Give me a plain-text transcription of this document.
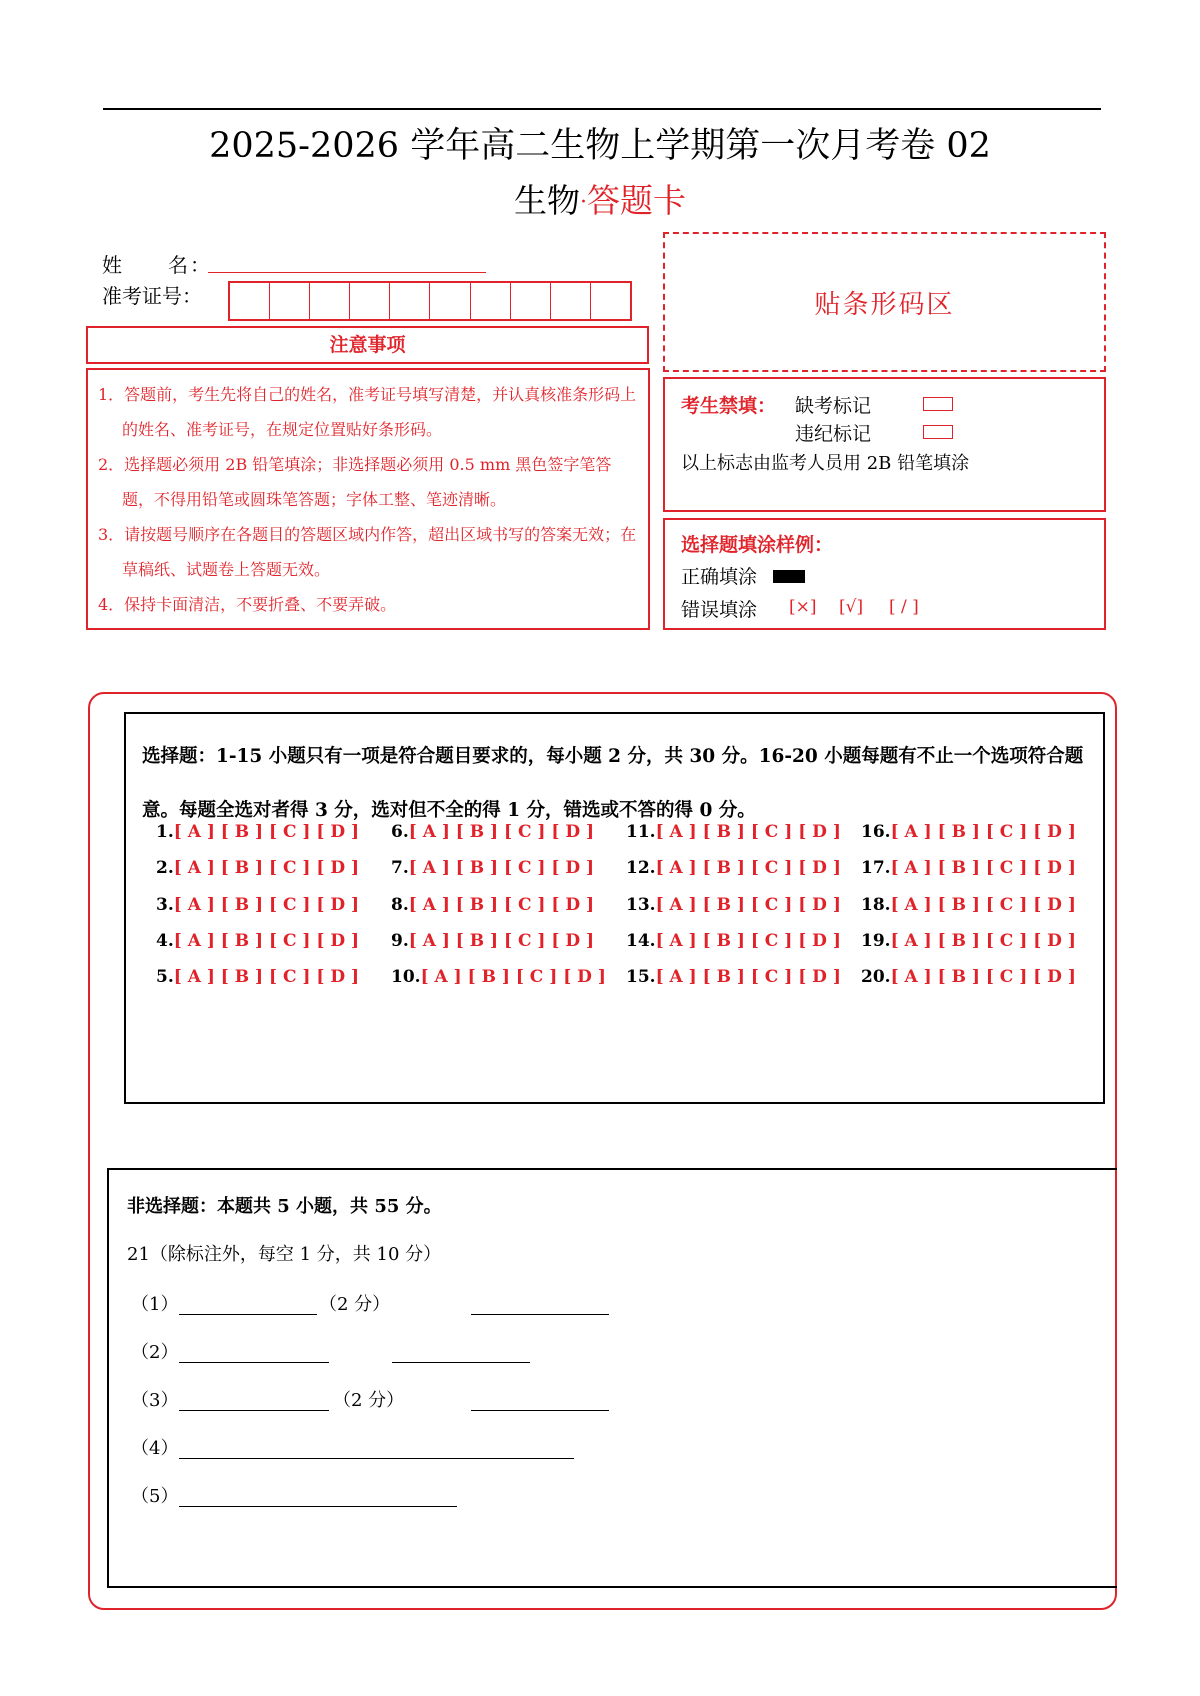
2025-2026 学年高二生物上学期第一次月考卷 02
生物·答题卡
姓　　名：
准考证号：
注意事项
1．答题前，考生先将自己的姓名，准考证号填写清楚，并认真核准条形码上的姓名、准考证号，在规定位置贴好条形码。
2．选择题必须用 2B 铅笔填涂；非选择题必须用 0.5 mm 黑色签字笔答题，不得用铅笔或圆珠笔答题；字体工整、笔迹清晰。
3．请按题号顺序在各题目的答题区域内作答，超出区域书写的答案无效；在草稿纸、试题卷上答题无效。
4．保持卡面清洁，不要折叠、不要弄破。
贴条形码区
考生禁填： 缺考标记
违纪标记
以上标志由监考人员用 2B 铅笔填涂
选择题填涂样例：
正确填涂
错误填涂 [×] [√] [ / ]
选择题：1-15 小题只有一项是符合题目要求的，每小题 2 分，共 30 分。16-20 小题每题有不止一个选项符合题意。每题全选对者得 3 分，选对但不全的得 1 分，错选或不答的得 0 分。
1.[ A ] [ B ] [ C ] [ D ]	6.[ A ] [ B ] [ C ] [ D ]	11.[ A ] [ B ] [ C ] [ D ]	16.[ A ] [ B ] [ C ] [ D ]
2.[ A ] [ B ] [ C ] [ D ]	7.[ A ] [ B ] [ C ] [ D ]	12.[ A ] [ B ] [ C ] [ D ]	17.[ A ] [ B ] [ C ] [ D ]
3.[ A ] [ B ] [ C ] [ D ]	8.[ A ] [ B ] [ C ] [ D ]	13.[ A ] [ B ] [ C ] [ D ]	18.[ A ] [ B ] [ C ] [ D ]
4.[ A ] [ B ] [ C ] [ D ]	9.[ A ] [ B ] [ C ] [ D ]	14.[ A ] [ B ] [ C ] [ D ]	19.[ A ] [ B ] [ C ] [ D ]
5.[ A ] [ B ] [ C ] [ D ]	10.[ A ] [ B ] [ C ] [ D ]	15.[ A ] [ B ] [ C ] [ D ]	20.[ A ] [ B ] [ C ] [ D ]
非选择题：本题共 5 小题，共 55 分。
21（除标注外，每空 1 分，共 10 分）
（1）	（2 分）
（2）
（3）	（2 分）
（4）
（5）
